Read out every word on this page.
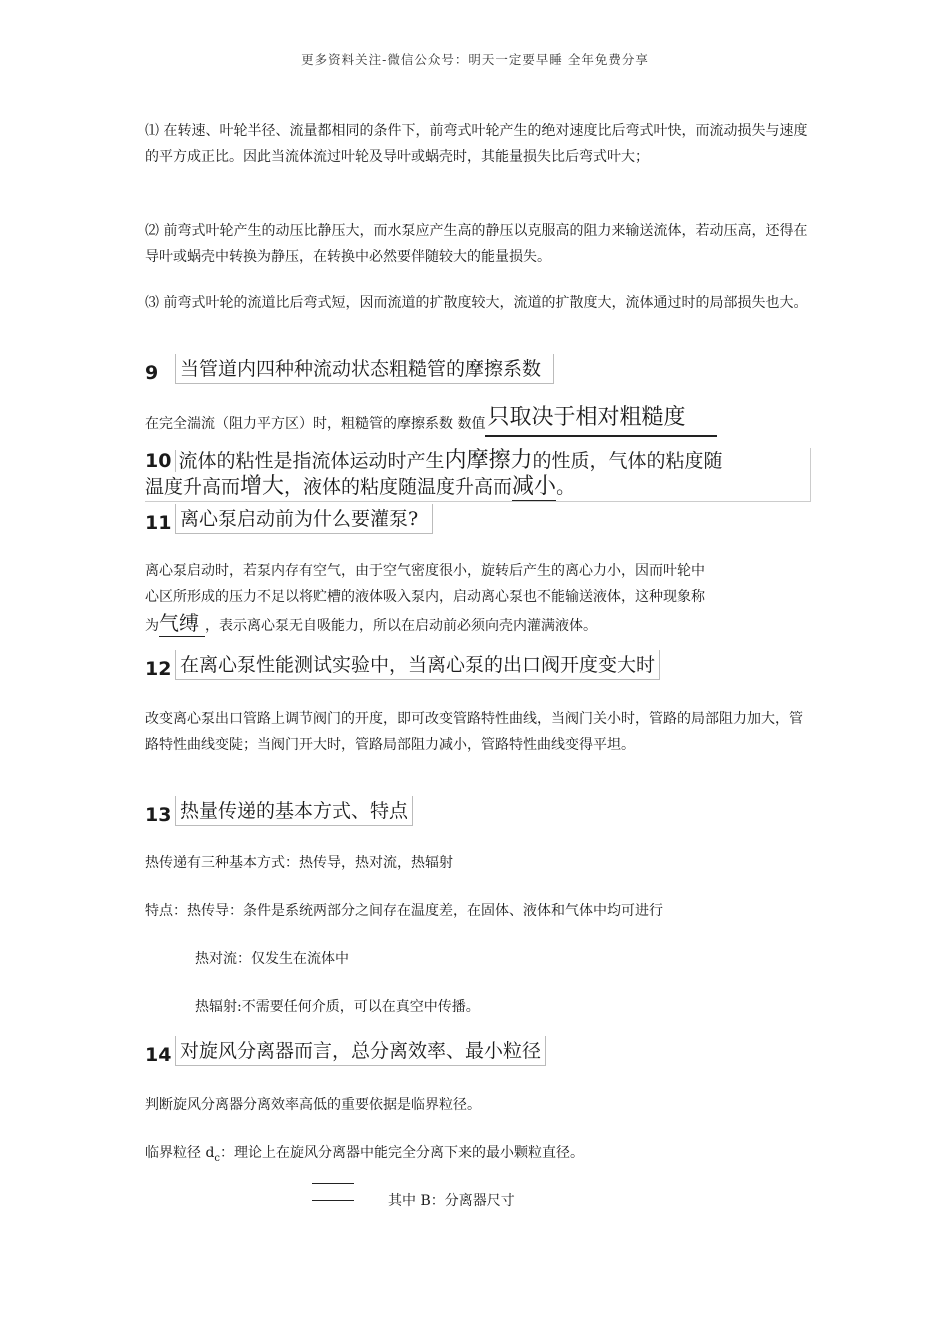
更多资料关注-微信公众号：明天一定要早睡 全年免费分享

⑴ 在转速、叶轮半径、流量都相同的条件下，前弯式叶轮产生的绝对速度比后弯式叶快，而流动损失与速度的平方成正比。因此当流体流过叶轮及导叶或蜗壳时，其能量损失比后弯式叶大；

⑵ 前弯式叶轮产生的动压比静压大，而水泵应产生高的静压以克服高的阻力来输送流体，若动压高，还得在导叶或蜗壳中转换为静压，在转换中必然要伴随较大的能量损失。

⑶ 前弯式叶轮的流道比后弯式短，因而流道的扩散度较大，流道的扩散度大，流体通过时的局部损失也大。

9	当管道内四种种流动状态粗糙管的摩擦系数
在完全湍流（阻力平方区）时，粗糙管的摩擦系数 数值 只取决于相对粗糙度
10 流体的粘性是指流体运动时产生内摩擦力的性质，气体的粘度随
温度升高而增大，液体的粘度随温度升高而减小。
11 离心泵启动前为什么要灌泵?
离心泵启动时，若泵内存有空气，由于空气密度很小，旋转后产生的离心力小，因而叶轮中
心区所形成的压力不足以将贮槽的液体吸入泵内，启动离心泵也不能输送液体，这种现象称
为气缚 ，表示离心泵无自吸能力，所以在启动前必须向壳内灌满液体。
12 在离心泵性能测试实验中，当离心泵的出口阀开度变大时

改变离心泵出口管路上调节阀门的开度，即可改变管路特性曲线，当阀门关小时，管路的局部阻力加大，管路特性曲线变陡；当阀门开大时，管路局部阻力减小，管路特性曲线变得平坦。

13 热量传递的基本方式、特点
热传递有三种基本方式：热传导，热对流，热辐射
特点：热传导：条件是系统两部分之间存在温度差，在固体、液体和气体中均可进行
热对流：仅发生在流体中
热辐射:不需要任何介质，可以在真空中传播。
14 对旋风分离器而言，总分离效率、最小粒径
判断旋风分离器分离效率高低的重要依据是临界粒径。
临界粒径 $d_c$：理论上在旋风分离器中能完全分离下来的最小颗粒直径。
其中 B：分离器尺寸
